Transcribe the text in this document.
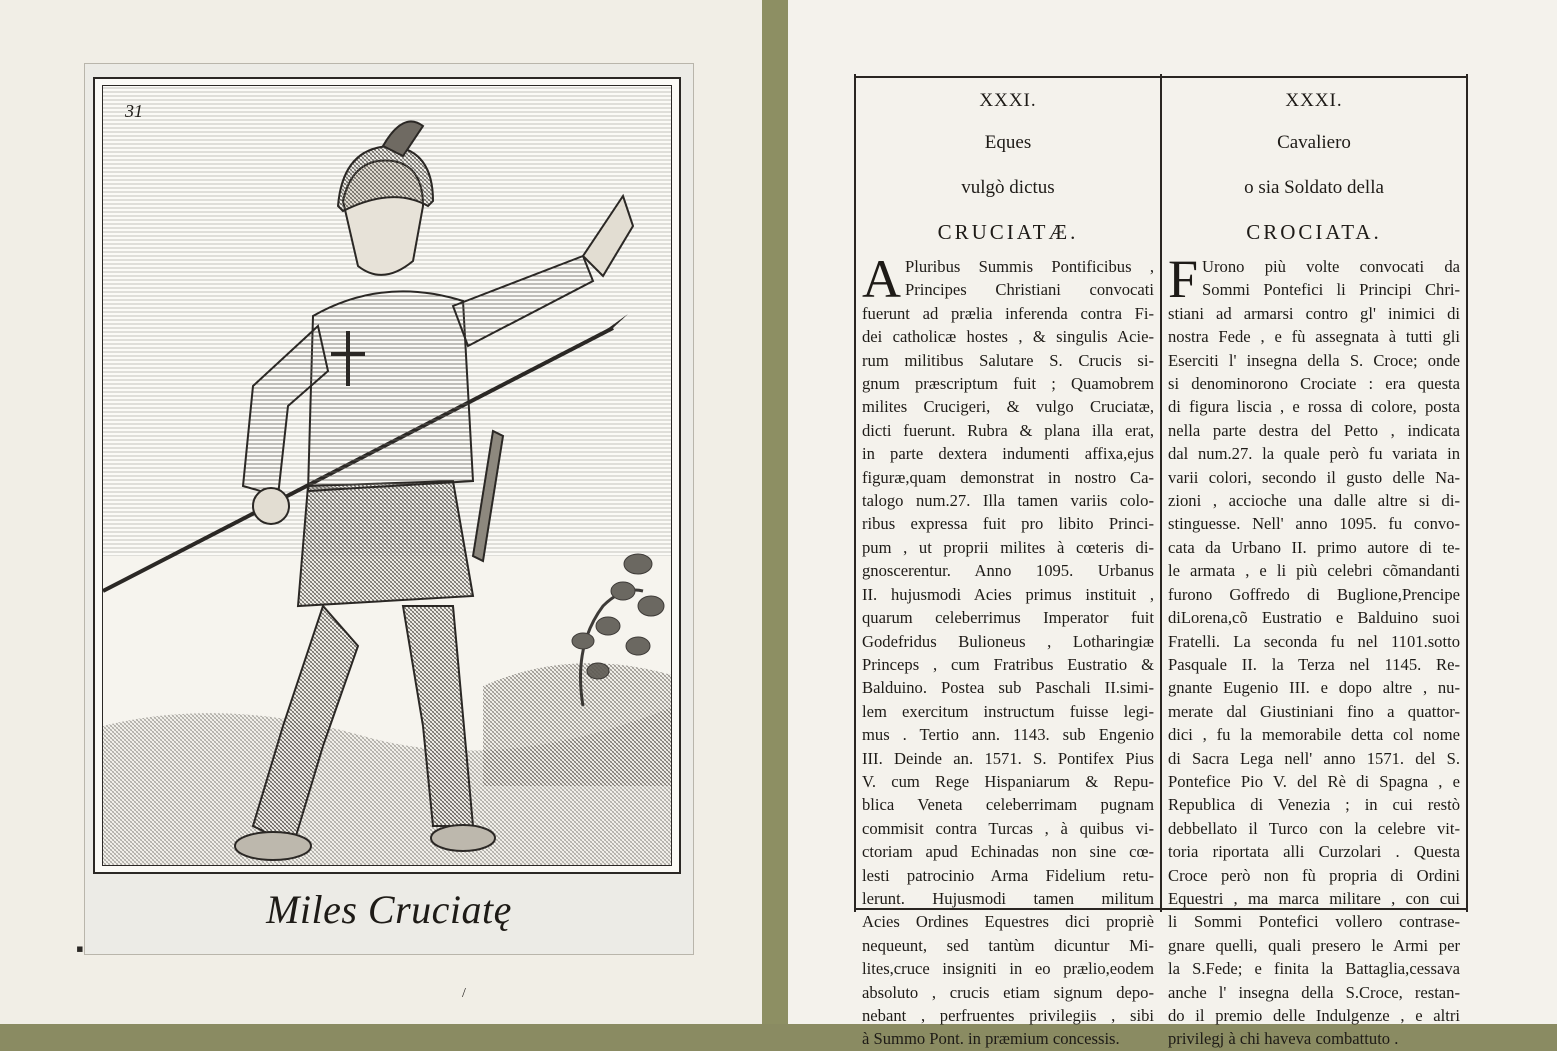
▪
/
31
Miles Cruciatę
XXXI.
Eques
vulgò dictus
CRUCIATÆ.
A Pluribus Summis Pontificibus ,
Principes Christiani convocati
fuerunt ad prælia inferenda contra Fi-
dei catholicæ hostes , & singulis Acie-
rum militibus Salutare S. Crucis si-
gnum præscriptum fuit ; Quamobrem
milites Crucigeri, & vulgo Cruciatæ,
dicti fuerunt. Rubra & plana illa erat,
in parte dextera indumenti affixa,ejus
figuræ,quam demonstrat in nostro Ca-
talogo num.27. Illa tamen variis colo-
ribus expressa fuit pro libito Princi-
pum , ut proprii milites à cœteris di-
gnoscerentur. Anno 1095. Urbanus
II. hujusmodi Acies primus instituit ,
quarum celeberrimus Imperator fuit
Godefridus Bulioneus , Lotharingiæ
Princeps , cum Fratribus Eustratio &
Balduino. Postea sub Paschali II.simi-
lem exercitum instructum fuisse legi-
mus . Tertio ann. 1143. sub Engenio
III. Deinde an. 1571. S. Pontifex Pius
V. cum Rege Hispaniarum & Repu-
blica Veneta celeberrimam pugnam
commisit contra Turcas , à quibus vi-
ctoriam apud Echinadas non sine cœ-
lesti patrocinio Arma Fidelium retu-
lerunt. Hujusmodi tamen militum
Acies Ordines Equestres dici propriè
nequeunt, sed tantùm dicuntur Mi-
lites,cruce insigniti in eo prælio,eodem
absoluto , crucis etiam signum depo-
nebant , perfruentes privilegiis , sibi
à Summo Pont. in præmium concessis.
XXXI.
Cavaliero
o sia Soldato della
CROCIATA.
F Urono più volte convocati da
Sommi Pontefici li Principi Chri-
stiani ad armarsi contro gl' inimici di
nostra Fede , e fù assegnata à tutti gli
Eserciti l' insegna della S. Croce; onde
si denominorono Crociate : era questa
di figura liscia , e rossa di colore, posta
nella parte destra del Petto , indicata
dal num.27. la quale però fu variata in
varii colori, secondo il gusto delle Na-
zioni , accioche una dalle altre si di-
stinguesse. Nell' anno 1095. fu convo-
cata da Urbano II. primo autore di te-
le armata , e li più celebri cõmandanti
furono Goffredo di Buglione,Prencipe
diLorena,cõ Eustratio e Balduino suoi
Fratelli. La seconda fu nel 1101.sotto
Pasquale II. la Terza nel 1145. Re-
gnante Eugenio III. e dopo altre , nu-
merate dal Giustiniani fino a quattor-
dici , fu la memorabile detta col nome
di Sacra Lega nell' anno 1571. del S.
Pontefice Pio V. del Rè di Spagna , e
Republica di Venezia ; in cui restò
debbellato il Turco con la celebre vit-
toria riportata alli Curzolari . Questa
Croce però non fù propria di Ordini
Equestri , ma marca militare , con cui
li Sommi Pontefici vollero contrase-
gnare quelli, quali presero le Armi per
la S.Fede; e finita la Battaglia,cessava
anche l' insegna della S.Croce, restan-
do il premio delle Indulgenze , e altri
privilegj à chi haveva combattuto .
